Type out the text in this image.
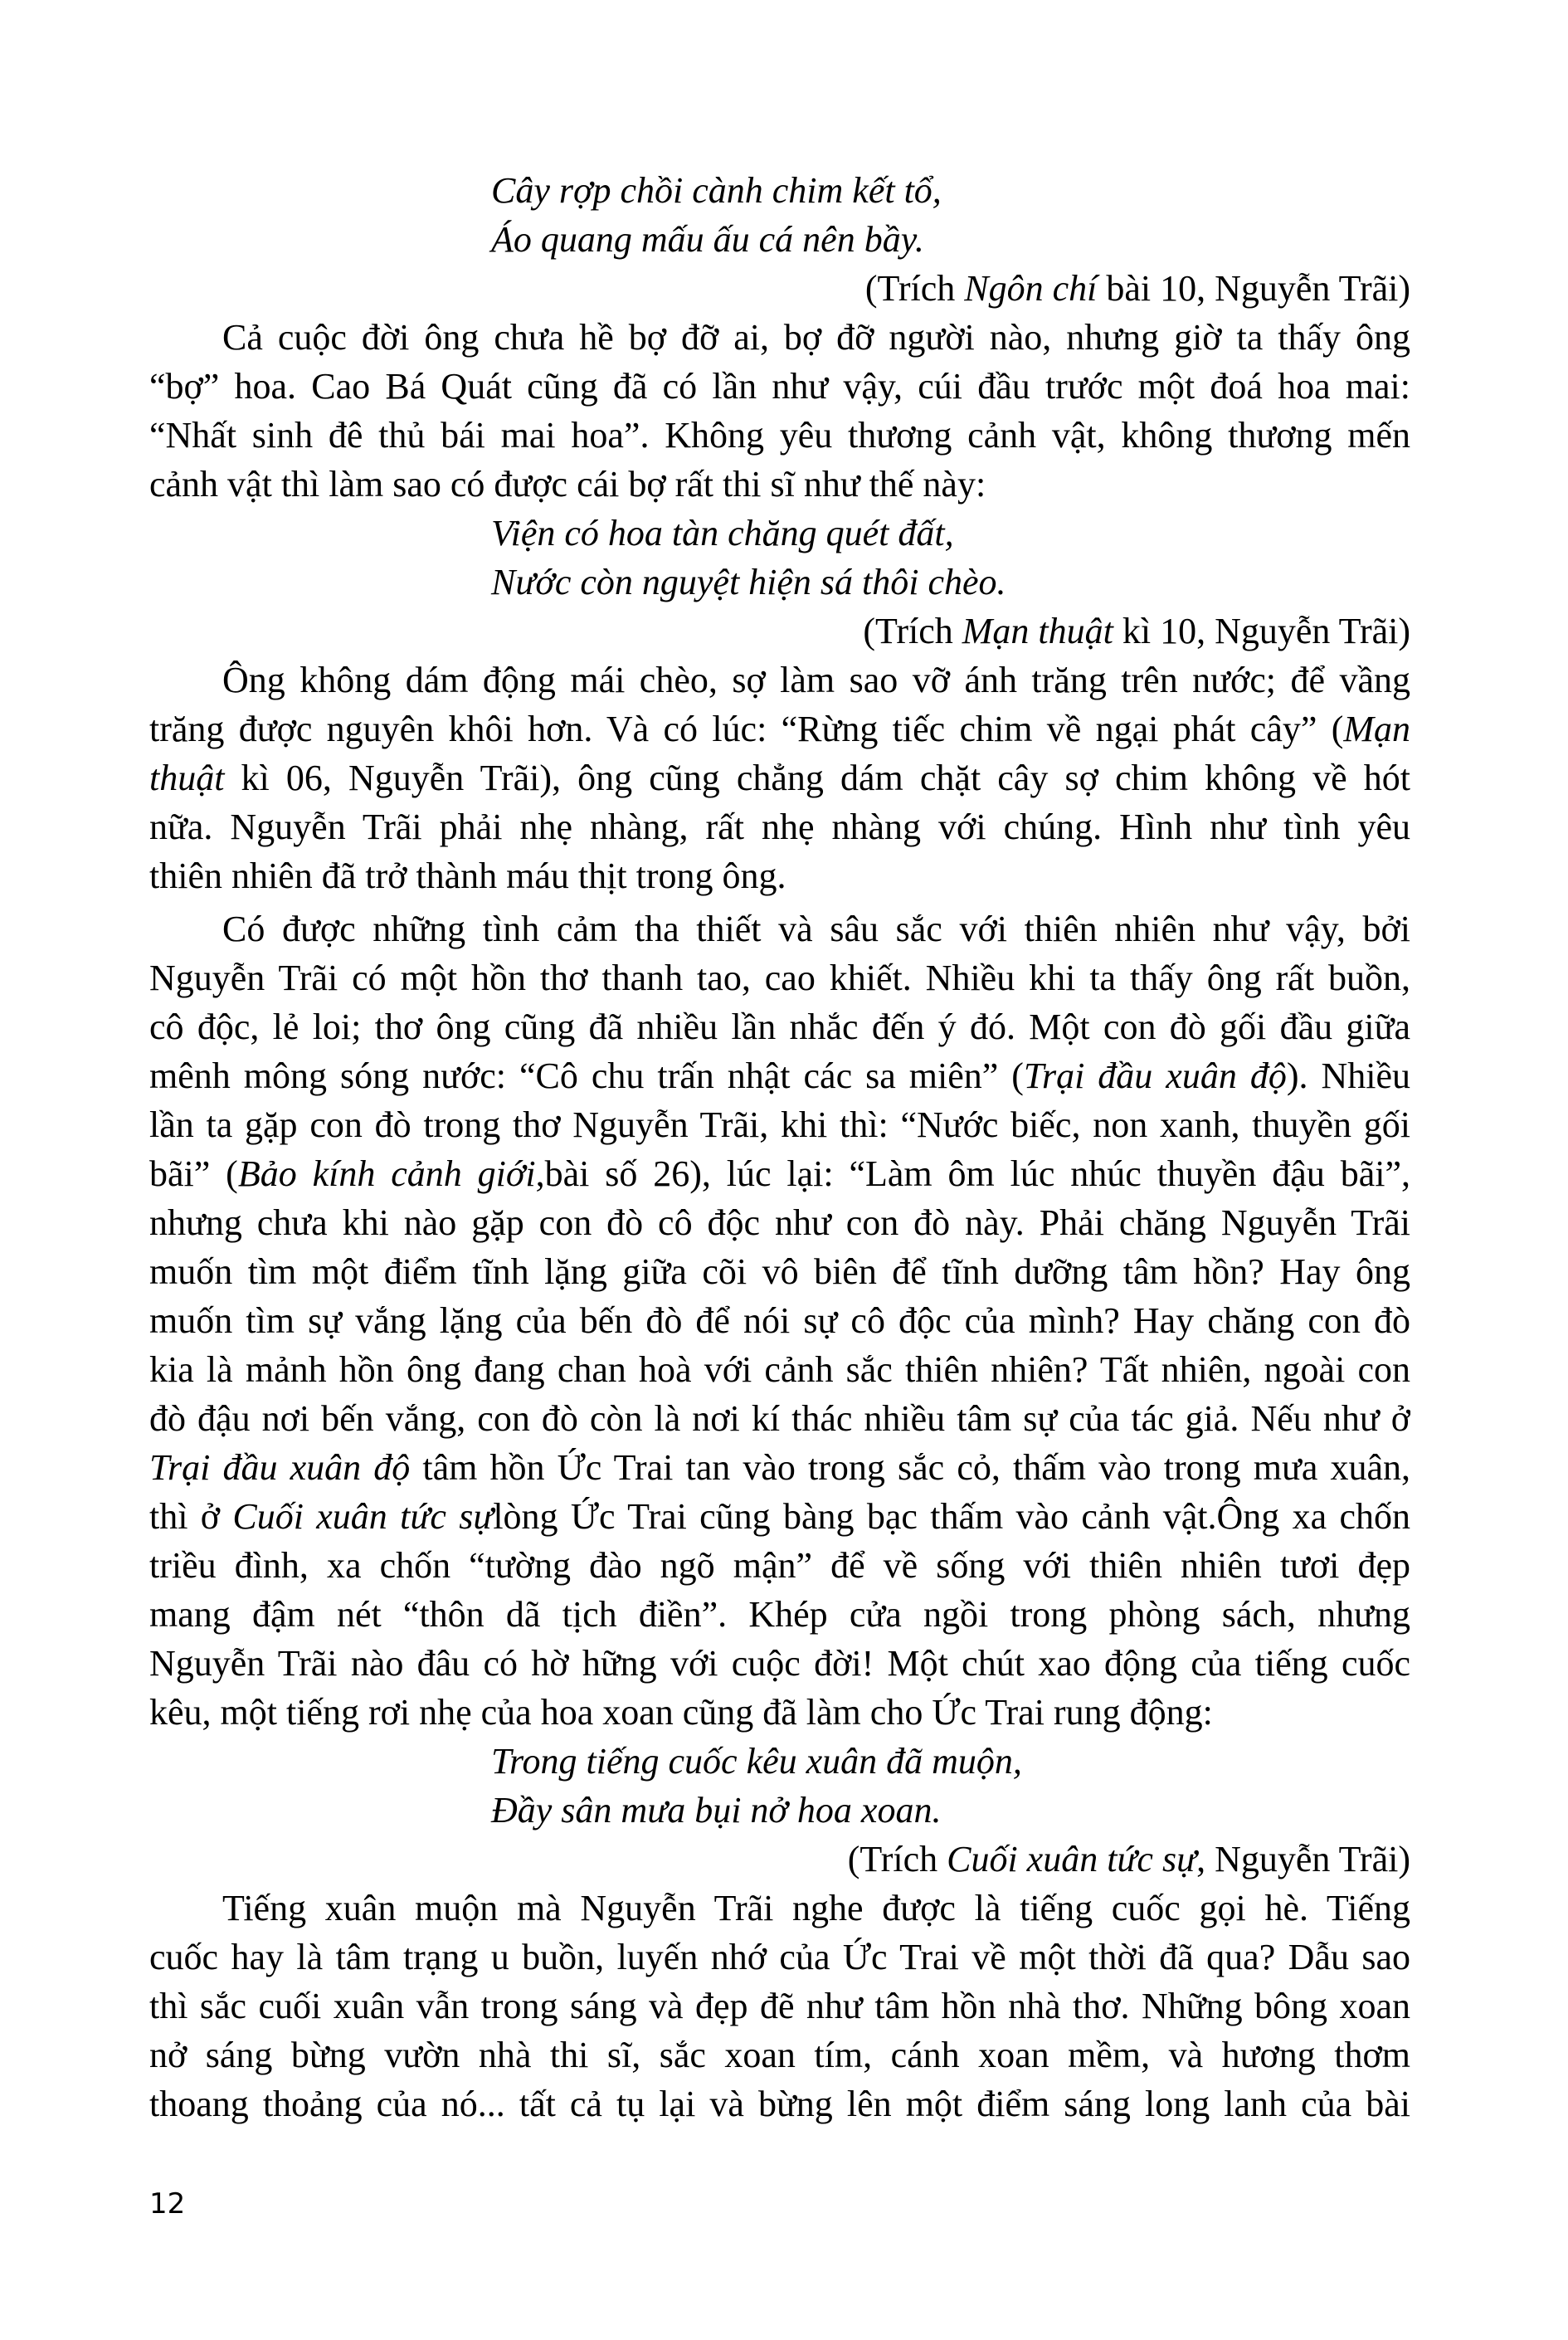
Cây rợp chồi cành chim kết tổ,
Áo quang mấu ấu cá nên bầy.
(Trích Ngôn chí bài 10, Nguyễn Trãi)
Cả cuộc đời ông chưa hề bợ đỡ ai, bợ đỡ người nào, nhưng giờ ta thấy ông
“bợ” hoa. Cao Bá Quát cũng đã có lần như vậy, cúi đầu trước một đoá hoa mai:
“Nhất sinh đê thủ bái mai hoa”. Không yêu thương cảnh vật, không thương mến
cảnh vật thì làm sao có được cái bợ rất thi sĩ như thế này:
Viện có hoa tàn chăng quét đất,
Nước còn nguyệt hiện sá thôi chèo.
(Trích Mạn thuật kì 10, Nguyễn Trãi)
Ông không dám động mái chèo, sợ làm sao vỡ ánh trăng trên nước; để vầng
trăng được nguyên khôi hơn. Và có lúc: “Rừng tiếc chim về ngại phát cây” (Mạn
thuật kì 06, Nguyễn Trãi), ông cũng chẳng dám chặt cây sợ chim không về hót
nữa. Nguyễn Trãi phải nhẹ nhàng, rất nhẹ nhàng với chúng. Hình như tình yêu
thiên nhiên đã trở thành máu thịt trong ông.
Có được những tình cảm tha thiết và sâu sắc với thiên nhiên như vậy, bởi
Nguyễn Trãi có một hồn thơ thanh tao, cao khiết. Nhiều khi ta thấy ông rất buồn,
cô độc, lẻ loi; thơ ông cũng đã nhiều lần nhắc đến ý đó. Một con đò gối đầu giữa
mênh mông sóng nước: “Cô chu trấn nhật các sa miên” (Trại đầu xuân độ). Nhiều
lần ta gặp con đò trong thơ Nguyễn Trãi, khi thì: “Nước biếc, non xanh, thuyền gối
bãi” (Bảo kính cảnh giới,bài số 26), lúc lại: “Làm ôm lúc nhúc thuyền đậu bãi”,
nhưng chưa khi nào gặp con đò cô độc như con đò này. Phải chăng Nguyễn Trãi
muốn tìm một điểm tĩnh lặng giữa cõi vô biên để tĩnh dưỡng tâm hồn? Hay ông
muốn tìm sự vắng lặng của bến đò để nói sự cô độc của mình? Hay chăng con đò
kia là mảnh hồn ông đang chan hoà với cảnh sắc thiên nhiên? Tất nhiên, ngoài con
đò đậu nơi bến vắng, con đò còn là nơi kí thác nhiều tâm sự của tác giả. Nếu như ở
Trại đầu xuân độ tâm hồn Ức Trai tan vào trong sắc cỏ, thấm vào trong mưa xuân,
thì ở Cuối xuân tức sựlòng Ức Trai cũng bàng bạc thấm vào cảnh vật.Ông xa chốn
triều đình, xa chốn “tường đào ngõ mận” để về sống với thiên nhiên tươi đẹp
mang đậm nét “thôn dã tịch điền”. Khép cửa ngồi trong phòng sách, nhưng
Nguyễn Trãi nào đâu có hờ hững với cuộc đời! Một chút xao động của tiếng cuốc
kêu, một tiếng rơi nhẹ của hoa xoan cũng đã làm cho Ức Trai rung động:
Trong tiếng cuốc kêu xuân đã muộn,
Đầy sân mưa bụi nở hoa xoan.
(Trích Cuối xuân tức sự, Nguyễn Trãi)
Tiếng xuân muộn mà Nguyễn Trãi nghe được là tiếng cuốc gọi hè. Tiếng
cuốc hay là tâm trạng u buồn, luyến nhớ của Ức Trai về một thời đã qua? Dẫu sao
thì sắc cuối xuân vẫn trong sáng và đẹp đẽ như tâm hồn nhà thơ. Những bông xoan
nở sáng bừng vườn nhà thi sĩ, sắc xoan tím, cánh xoan mềm, và hương thơm
thoang thoảng của nó... tất cả tụ lại và bừng lên một điểm sáng long lanh của bài
12
